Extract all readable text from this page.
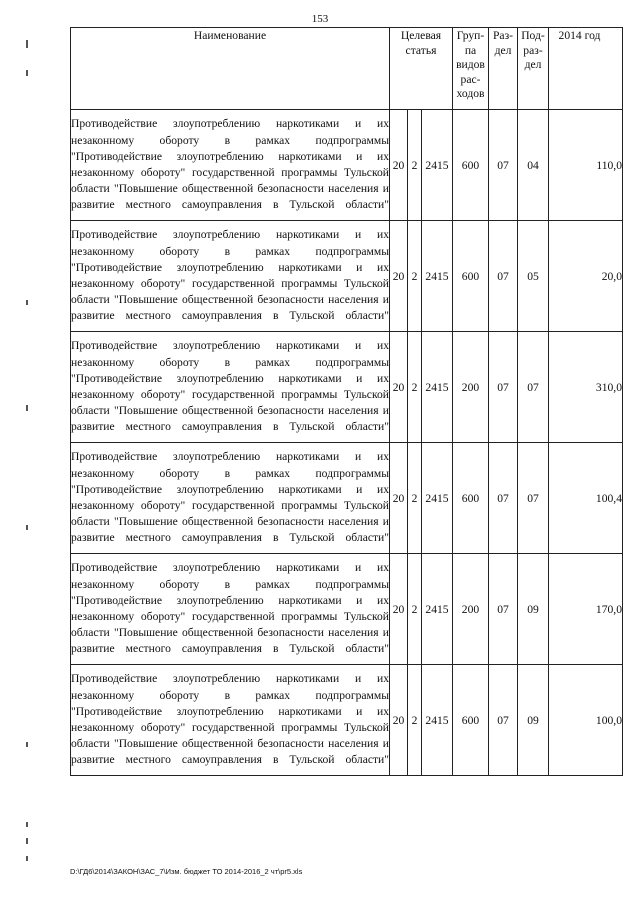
153
Наименование	Целевая статья			Груп-
па
видов
рас-
ходов	Раз-
дел	Под-
раз-
дел	2014 год
Противодействие злоупотреблению наркотиками и их незаконному обороту в рамках подпрограммы "Противодействие злоупотреблению наркотиками и их незаконному обороту" государственной программы Тульской области "Повышение общественной безопасности населения и развитие местного самоуправления в Тульской области"	20	2	2415	600	07	04	110,0
Противодействие злоупотреблению наркотиками и их незаконному обороту в рамках подпрограммы "Противодействие злоупотреблению наркотиками и их незаконному обороту" государственной программы Тульской области "Повышение общественной безопасности населения и развитие местного самоуправления в Тульской области"	20	2	2415	600	07	05	20,0
Противодействие злоупотреблению наркотиками и их незаконному обороту в рамках подпрограммы "Противодействие злоупотреблению наркотиками и их незаконному обороту" государственной программы Тульской области "Повышение общественной безопасности населения и развитие местного самоуправления в Тульской области"	20	2	2415	200	07	07	310,0
Противодействие злоупотреблению наркотиками и их незаконному обороту в рамках подпрограммы "Противодействие злоупотреблению наркотиками и их незаконному обороту" государственной программы Тульской области "Повышение общественной безопасности населения и развитие местного самоуправления в Тульской области"	20	2	2415	600	07	07	100,4
Противодействие злоупотреблению наркотиками и их незаконному обороту в рамках подпрограммы "Противодействие злоупотреблению наркотиками и их незаконному обороту" государственной программы Тульской области "Повышение общественной безопасности населения и развитие местного самоуправления в Тульской области"	20	2	2415	200	07	09	170,0
Противодействие злоупотреблению наркотиками и их незаконному обороту в рамках подпрограммы "Противодействие злоупотреблению наркотиками и их незаконному обороту" государственной программы Тульской области "Повышение общественной безопасности населения и развитие местного самоуправления в Тульской области"	20	2	2415	600	07	09	100,0
D:\ГД6\2014\ЗАКОН\ЗАС_7\Изм. бюджет ТО 2014-2016_2 чт\pr5.xls
